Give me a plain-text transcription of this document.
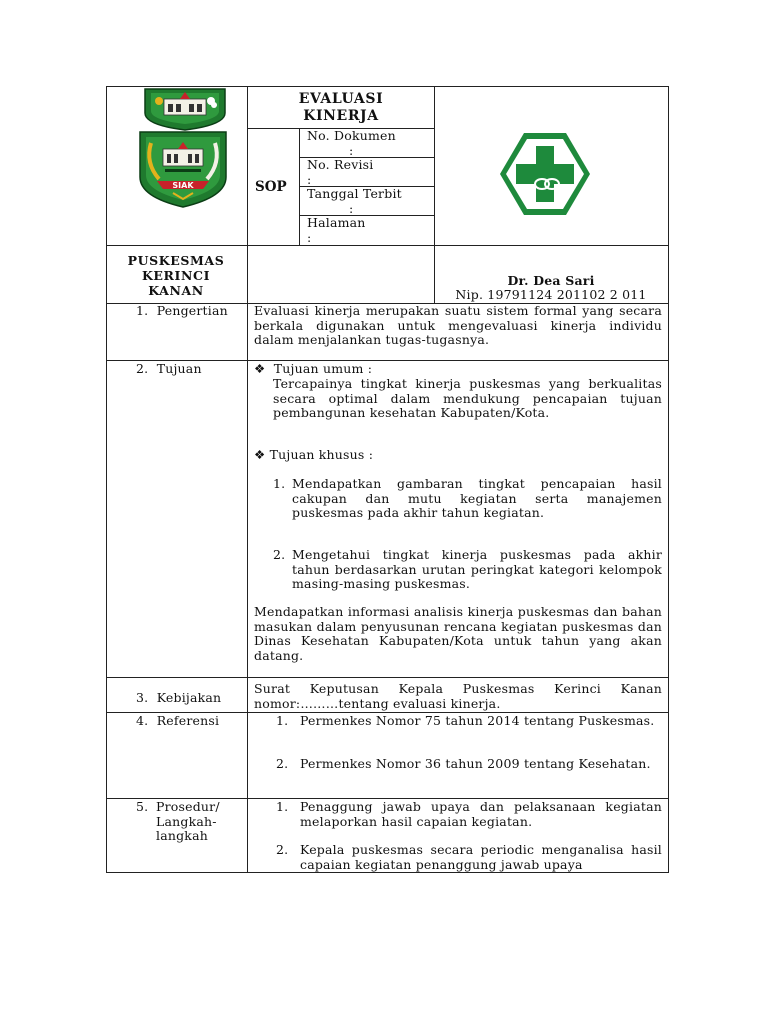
SIAK
EVALUASI KINERJA
SOP
No. Dokumen
:
No. Revisi
:
Tanggal Terbit
:
Halaman
:
PUSKESMAS KERINCI KANAN
Dr. Dea Sari
Nip. 19791124 201102 2 011
1. Pengertian Evaluasi kinerja merupakan suatu sistem formal yang secara berkala digunakan untuk mengevaluasi kinerja individu dalam menjalankan tugas-tugasnya.
2. Tujuan	❖ Tujuan umum :
Tercapainya tingkat kinerja puskesmas yang berkualitas secara optimal dalam mendukung pencapaian tujuan pembangunan kesehatan Kabupaten/Kota.
❖ Tujuan khusus :
1. Mendapatkan gambaran tingkat pencapaian hasil cakupan dan mutu kegiatan serta manajemen puskesmas pada akhir tahun kegiatan.
2. Mengetahui tingkat kinerja puskesmas pada akhir tahun berdasarkan urutan peringkat kategori kelompok masing-masing puskesmas.
Mendapatkan informasi analisis kinerja puskesmas dan bahan masukan dalam penyusunan rencana kegiatan puskesmas dan Dinas Kesehatan Kabupaten/Kota untuk tahun yang akan datang.
3. Kebijakan
Surat Keputusan Kepala Puskesmas Kerinci Kanan nomor:………tentang evaluasi kinerja.
4. Referensi	1. Permenkes Nomor 75 tahun 2014 tentang Puskesmas.
2. Permenkes Nomor 36 tahun 2009 tentang Kesehatan.
5. Prosedur/
Langkah-
langkah
1. Penaggung jawab upaya dan pelaksanaan kegiatan melaporkan hasil capaian kegiatan.
2. Kepala puskesmas secara periodic menganalisa hasil capaian kegiatan penanggung jawab upaya
